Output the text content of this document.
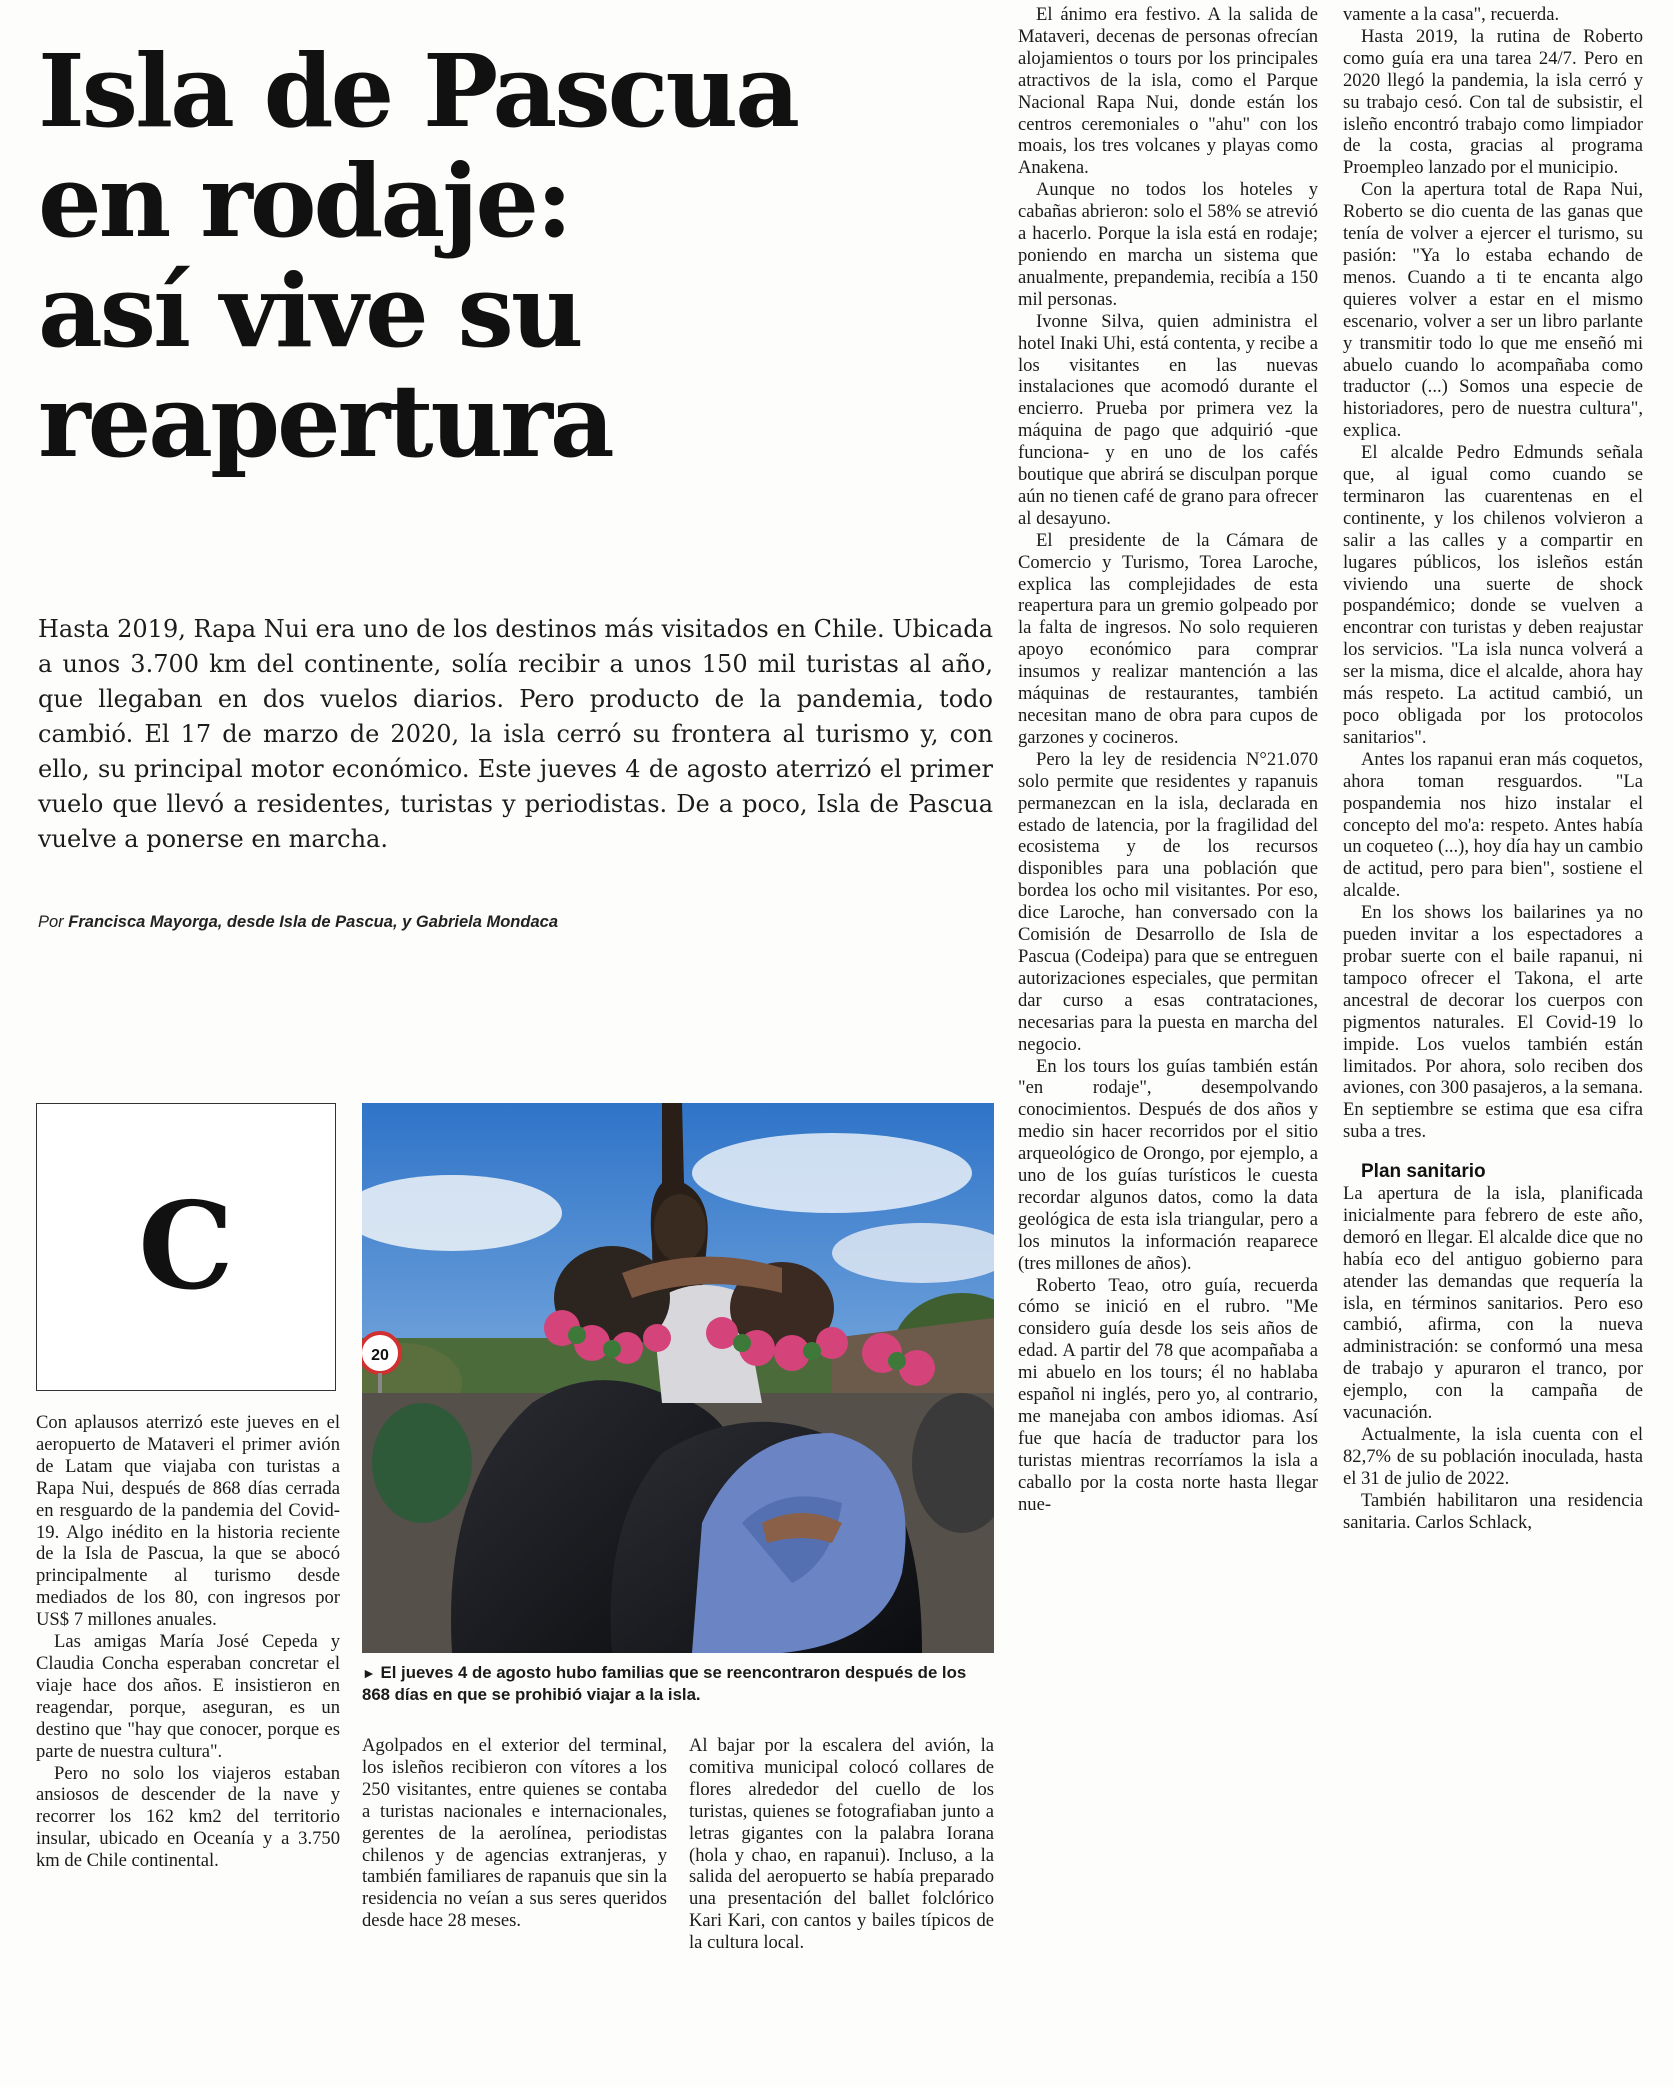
Isla de Pascua
en rodaje:
así vive su
reapertura
Hasta 2019, Rapa Nui era uno de los destinos más visitados en Chile. Ubicada a unos 3.700 km del continente, solía recibir a unos 150 mil turistas al año, que llegaban en dos vuelos diarios. Pero producto de la pandemia, todo cambió. El 17 de marzo de 2020, la isla cerró su frontera al turismo y, con ello, su principal motor económico. Este jueves 4 de agosto aterrizó el primer vuelo que llevó a residentes, turistas y periodistas. De a poco, Isla de Pascua vuelve a ponerse en marcha.
Por Francisca Mayorga, desde Isla de Pascua, y Gabriela Mondaca
C
20
► El jueves 4 de agosto hubo familias que se reencontraron después de los 868 días en que se prohibió viajar a la isla.

Con aplausos aterrizó este jueves en el aeropuerto de Mataveri el primer avión de Latam que viajaba con turistas a Rapa Nui, después de 868 días cerrada en resguardo de la pandemia del Covid-19. Algo inédito en la historia reciente de la Isla de Pascua, la que se abocó principalmente al turismo desde mediados de los 80, con ingresos por US$ 7 millones anuales.

Las amigas María José Cepeda y Claudia Concha esperaban concretar el viaje hace dos años. E insistieron en reagendar, porque, aseguran, es un destino que "hay que conocer, porque es parte de nuestra cultura".

Pero no solo los viajeros estaban ansiosos de descender de la nave y recorrer los 162 km2 del territorio insular, ubicado en Oceanía y a 3.750 km de Chile continental.

Agolpados en el exterior del terminal, los isleños recibieron con vítores a los 250 visitantes, entre quienes se contaba a turistas nacionales e internacionales, gerentes de la aerolínea, periodistas chilenos y de agencias extranjeras, y también familiares de rapanuis que sin la residencia no veían a sus seres queridos desde hace 28 meses.

Al bajar por la escalera del avión, la comitiva municipal colocó collares de flores alrededor del cuello de los turistas, quienes se fotografiaban junto a letras gigantes con la palabra Iorana (hola y chao, en rapanui). Incluso, a la salida del aeropuerto se había preparado una presentación del ballet folclórico Kari Kari, con cantos y bailes típicos de la cultura local.

El ánimo era festivo. A la salida de Mataveri, decenas de personas ofrecían alojamientos o tours por los principales atractivos de la isla, como el Parque Nacional Rapa Nui, donde están los centros ceremoniales o "ahu" con los moais, los tres volcanes y playas como Anakena.

Aunque no todos los hoteles y cabañas abrieron: solo el 58% se atrevió a hacerlo. Porque la isla está en rodaje; poniendo en marcha un sistema que anualmente, prepandemia, recibía a 150 mil personas.

Ivonne Silva, quien administra el hotel Inaki Uhi, está contenta, y recibe a los visitantes en las nuevas instalaciones que acomodó durante el encierro. Prueba por primera vez la máquina de pago que adquirió -que funciona- y en uno de los cafés boutique que abrirá se disculpan porque aún no tienen café de grano para ofrecer al desayuno.

El presidente de la Cámara de Comercio y Turismo, Torea Laroche, explica las complejidades de esta reapertura para un gremio golpeado por la falta de ingresos. No solo requieren apoyo económico para comprar insumos y realizar mantención a las máquinas de restaurantes, también necesitan mano de obra para cupos de garzones y cocineros.

Pero la ley de residencia N°21.070 solo permite que residentes y rapanuis permanezcan en la isla, declarada en estado de latencia, por la fragilidad del ecosistema y de los recursos disponibles para una población que bordea los ocho mil visitantes. Por eso, dice Laroche, han conversado con la Comisión de Desarrollo de Isla de Pascua (Codeipa) para que se entreguen autorizaciones especiales, que permitan dar curso a esas contrataciones, necesarias para la puesta en marcha del negocio.

En los tours los guías también están "en rodaje", desempolvando conocimientos. Después de dos años y medio sin hacer recorridos por el sitio arqueológico de Orongo, por ejemplo, a uno de los guías turísticos le cuesta recordar algunos datos, como la data geológica de esta isla triangular, pero a los minutos la información reaparece (tres millones de años).

Roberto Teao, otro guía, recuerda cómo se inició en el rubro. "Me considero guía desde los seis años de edad. A partir del 78 que acompañaba a mi abuelo en los tours; él no hablaba español ni inglés, pero yo, al contrario, me manejaba con ambos idiomas. Así fue que hacía de traductor para los turistas mientras recorríamos la isla a caballo por la costa norte hasta llegar nue-

vamente a la casa", recuerda.

Hasta 2019, la rutina de Roberto como guía era una tarea 24/7. Pero en 2020 llegó la pandemia, la isla cerró y su trabajo cesó. Con tal de subsistir, el isleño encontró trabajo como limpiador de la costa, gracias al programa Proempleo lanzado por el municipio.

Con la apertura total de Rapa Nui, Roberto se dio cuenta de las ganas que tenía de volver a ejercer el turismo, su pasión: "Ya lo estaba echando de menos. Cuando a ti te encanta algo quieres volver a estar en el mismo escenario, volver a ser un libro parlante y transmitir todo lo que me enseñó mi abuelo cuando lo acompañaba como traductor (...) Somos una especie de historiadores, pero de nuestra cultura", explica.

El alcalde Pedro Edmunds señala que, al igual como cuando se terminaron las cuarentenas en el continente, y los chilenos volvieron a salir a las calles y a compartir en lugares públicos, los isleños están viviendo una suerte de shock pospandémico; donde se vuelven a encontrar con turistas y deben reajustar los servicios. "La isla nunca volverá a ser la misma, dice el alcalde, ahora hay más respeto. La actitud cambió, un poco obligada por los protocolos sanitarios".

Antes los rapanui eran más coquetos, ahora toman resguardos. "La pospandemia nos hizo instalar el concepto del mo'a: respeto. Antes había un coqueteo (...), hoy día hay un cambio de actitud, pero para bien", sostiene el alcalde.

En los shows los bailarines ya no pueden invitar a los espectadores a probar suerte con el baile rapanui, ni tampoco ofrecer el Takona, el arte ancestral de decorar los cuerpos con pigmentos naturales. El Covid-19 lo impide. Los vuelos también están limitados. Por ahora, solo reciben dos aviones, con 300 pasajeros, a la semana. En septiembre se estima que esa cifra suba a tres.

Plan sanitario

La apertura de la isla, planificada inicialmente para febrero de este año, demoró en llegar. El alcalde dice que no había eco del antiguo gobierno para atender las demandas que requería la isla, en términos sanitarios. Pero eso cambió, afirma, con la nueva administración: se conformó una mesa de trabajo y apuraron el tranco, por ejemplo, con la campaña de vacunación.

Actualmente, la isla cuenta con el 82,7% de su población inoculada, hasta el 31 de julio de 2022.

También habilitaron una residencia sanitaria. Carlos Schlack,
